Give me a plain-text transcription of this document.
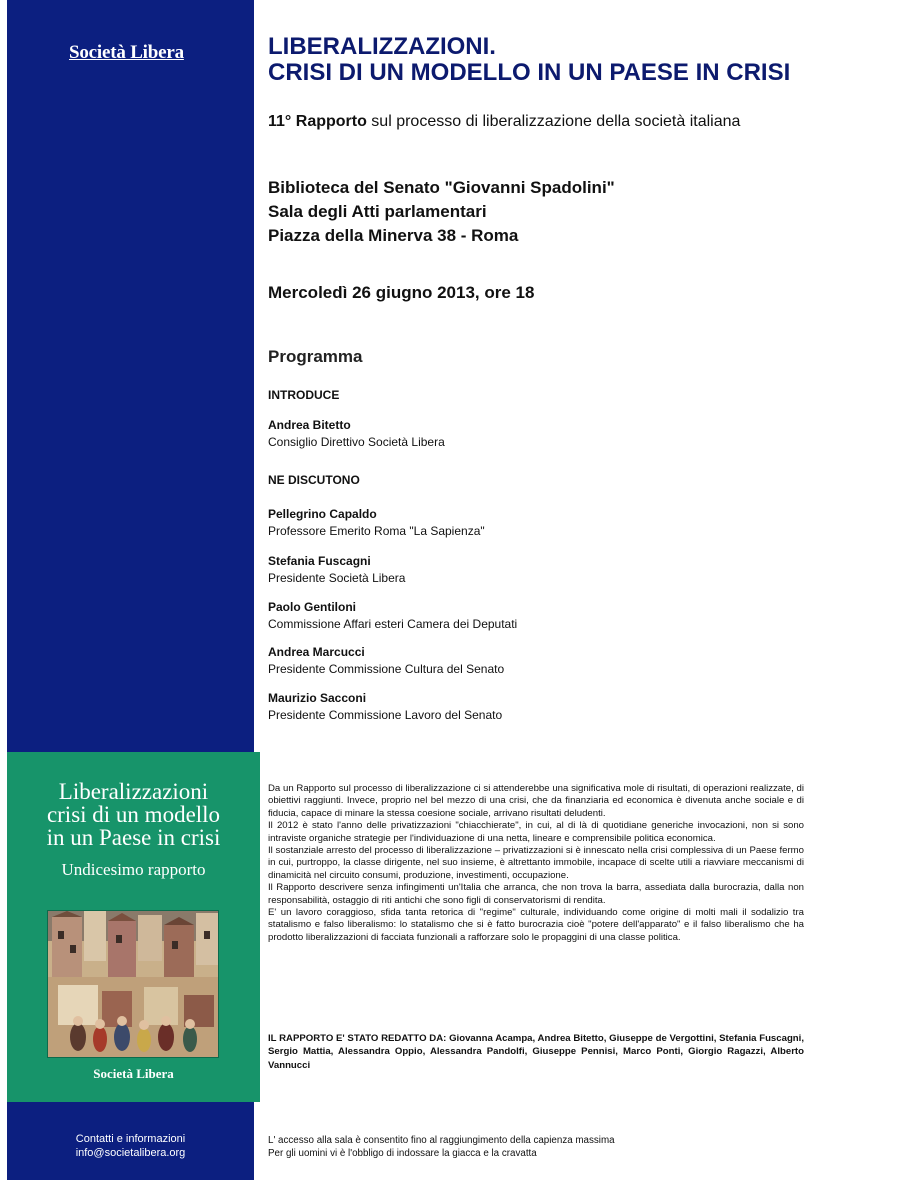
Società Libera
Liberalizzazioni
crisi di un modello
in un Paese in crisi
Undicesimo rapporto
Società Libera
Contatti e informazioni
info@societalibera.org
LIBERALIZZAZIONI.
CRISI DI UN MODELLO IN UN PAESE IN CRISI
11° Rapporto sul processo di liberalizzazione della società italiana
Biblioteca del Senato "Giovanni Spadolini"
Sala degli Atti parlamentari
Piazza della Minerva 38 - Roma
Mercoledì 26 giugno 2013, ore 18
Programma
INTRODUCE
Andrea Bitetto
Consiglio Direttivo Società Libera
NE DISCUTONO
Pellegrino Capaldo
Professore Emerito Roma "La Sapienza"
Stefania Fuscagni
Presidente Società Libera
Paolo Gentiloni
Commissione Affari esteri Camera dei Deputati
Andrea Marcucci
Presidente Commissione Cultura del Senato
Maurizio Sacconi
Presidente Commissione Lavoro del Senato

Da un Rapporto sul processo di liberalizzazione ci si attenderebbe una significativa mole di risultati, di operazioni realizzate, di obiettivi raggiunti. Invece, proprio nel bel mezzo di una crisi, che da finanziaria ed economica è divenuta anche sociale e di fiducia, capace di minare la stessa coesione sociale, arrivano risultati deludenti.

Il 2012 è stato l'anno delle privatizzazioni "chiacchierate", in cui, al di là di quotidiane generiche invocazioni, non si sono intraviste organiche strategie per l'individuazione di una netta, lineare e comprensibile politica economica.

Il sostanziale arresto del processo di liberalizzazione – privatizzazioni si è innescato nella crisi complessiva di un Paese fermo in cui, purtroppo, la classe dirigente, nel suo insieme, è altrettanto immobile, incapace di scelte utili a riavviare meccanismi di dinamicità nel circuito consumi, produzione, investimenti, occupazione.

Il Rapporto descrivere senza infingimenti un'Italia che arranca, che non trova la barra, assediata dalla burocrazia, dalla non responsabilità, ostaggio di riti antichi che sono figli di conservatorismi di rendita.

E' un lavoro coraggioso, sfida tanta retorica di "regime" culturale, individuando come origine di molti mali il sodalizio tra statalismo e falso liberalismo: lo statalismo che si è fatto burocrazia cioè "potere dell'apparato" e il falso liberalismo che ha prodotto liberalizzazioni di facciata funzionali a rafforzare solo le propaggini di una classe politica.

IL RAPPORTO E' STATO REDATTO DA: Giovanna Acampa, Andrea Bitetto, Giuseppe de Vergottini, Stefania Fuscagni, Sergio Mattia, Alessandra Oppio, Alessandra Pandolfi, Giuseppe Pennisi, Marco Ponti, Giorgio Ragazzi, Alberto Vannucci
L' accesso alla sala è consentito fino al raggiungimento della capienza massima
Per gli uomini vi è l'obbligo di indossare la giacca e la cravatta
